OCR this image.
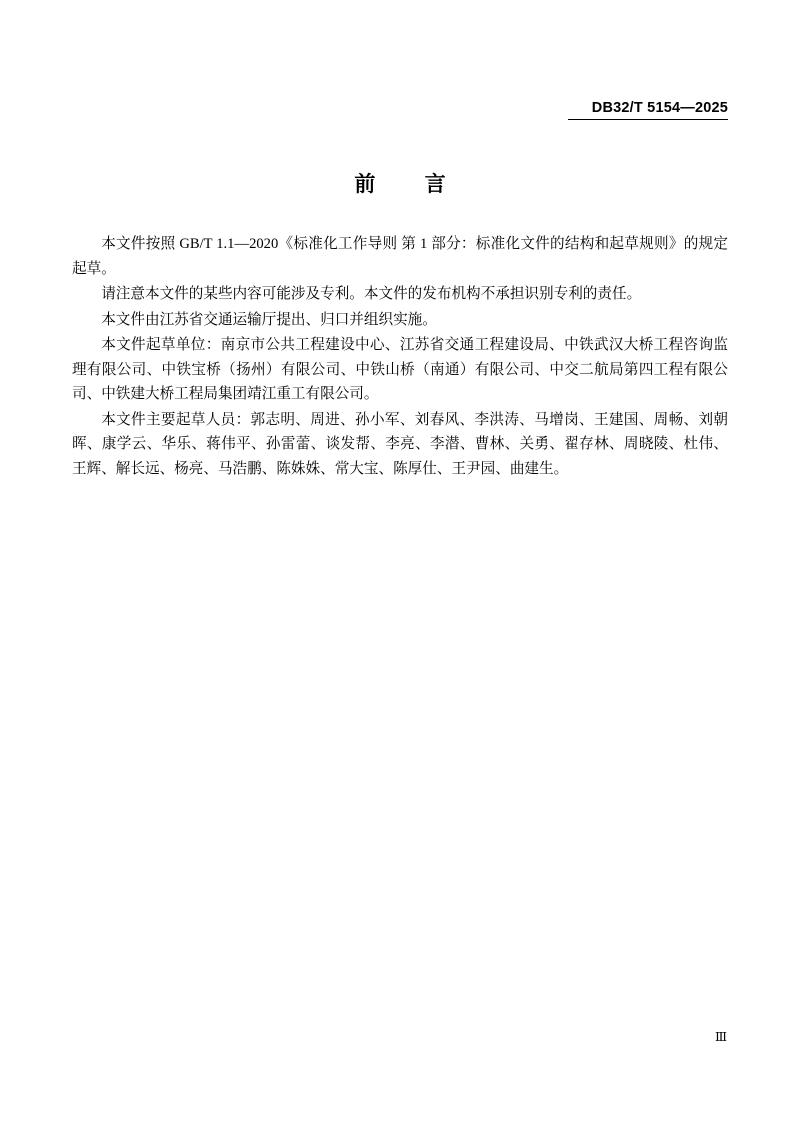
DB32/T 5154—2025
前 言

本文件按照 GB/T 1.1—2020《标准化工作导则 第 1 部分：标准化文件的结构和起草规则》的规定起草。

请注意本文件的某些内容可能涉及专利。本文件的发布机构不承担识别专利的责任。

本文件由江苏省交通运输厅提出、归口并组织实施。

本文件起草单位：南京市公共工程建设中心、江苏省交通工程建设局、中铁武汉大桥工程咨询监理有限公司、中铁宝桥（扬州）有限公司、中铁山桥（南通）有限公司、中交二航局第四工程有限公司、中铁建大桥工程局集团靖江重工有限公司。

本文件主要起草人员：郭志明、周进、孙小军、刘春风、李洪涛、马增岗、王建国、周畅、刘朝晖、康学云、华乐、蒋伟平、孙雷蕾、谈发帮、李亮、李潜、曹林、关勇、翟存林、周晓陵、杜伟、王辉、解长远、杨亮、马浩鹏、陈姝姝、常大宝、陈厚仕、王尹园、曲建生。

Ⅲ
